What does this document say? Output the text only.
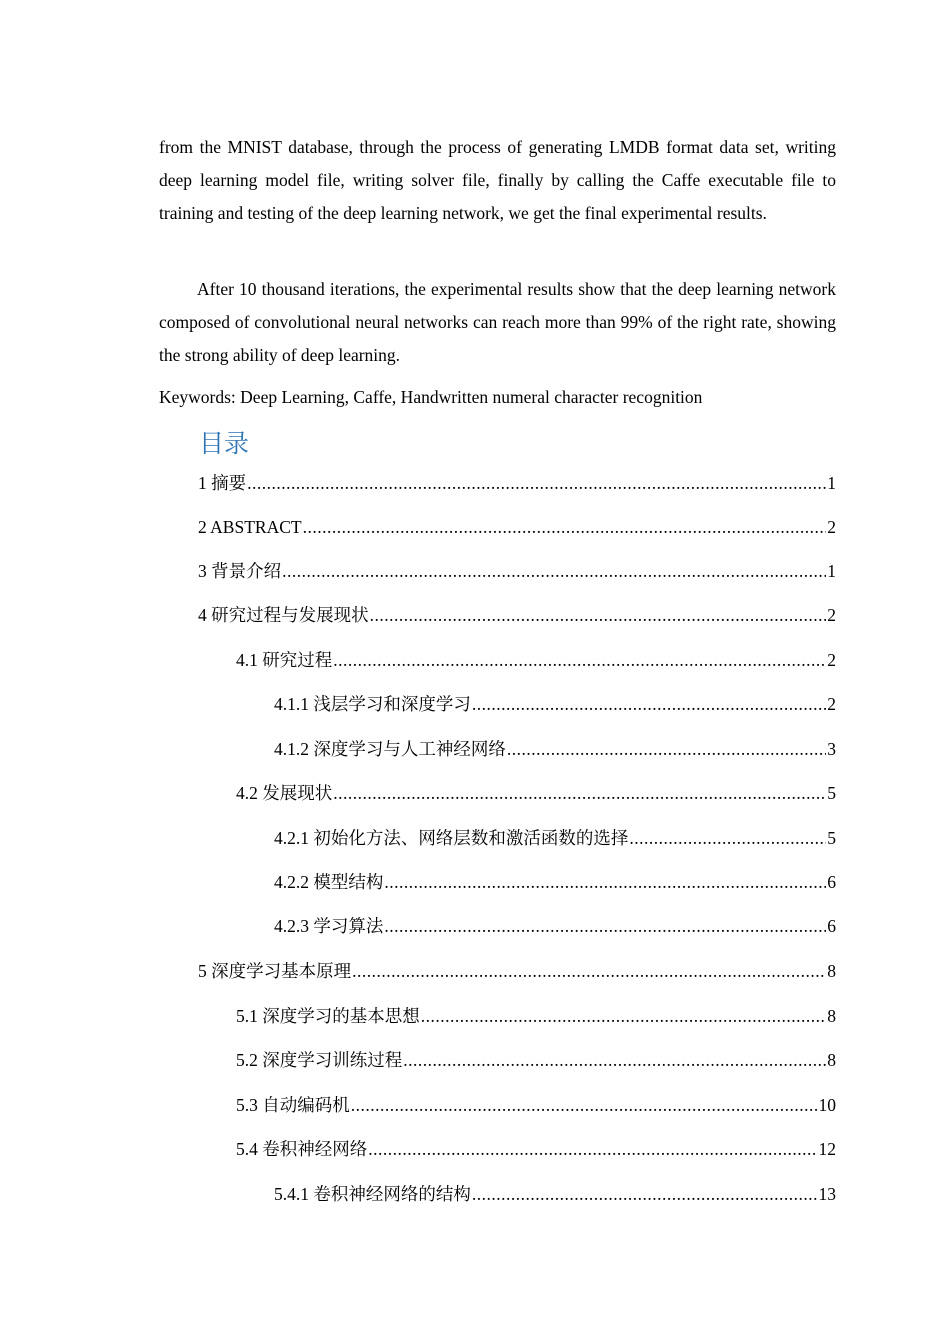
from the MNIST database, through the process of generating LMDB format data set, writing deep learning model file, writing solver file, finally by calling the Caffe executable file to training and testing of the deep learning network, we get the final experimental results.

After 10 thousand iterations, the experimental results show that the deep learning network composed of convolutional neural networks can reach more than 99% of the right rate, showing the strong ability of deep learning.

Keywords: Deep Learning, Caffe, Handwritten numeral character recognition

目录
1 摘要 .....	1
2 ABSTRACT .....	2
3 背景介绍 .....	1
4 研究过程与发展现状 .....	2
4.1 研究过程 .....	2
4.1.1 浅层学习和深度学习 .....	2
4.1.2 深度学习与人工神经网络 .....	3
4.2 发展现状 .....	5
4.2.1 初始化方法、网络层数和激活函数的选择 .....	5
4.2.2 模型结构 .....	6
4.2.3 学习算法 .....	6
5 深度学习基本原理 .....	8
5.1 深度学习的基本思想 .....	8
5.2 深度学习训练过程 .....	8
5.3 自动编码机 .....	10
5.4 卷积神经网络 .....	12
5.4.1 卷积神经网络的结构 .....	13
